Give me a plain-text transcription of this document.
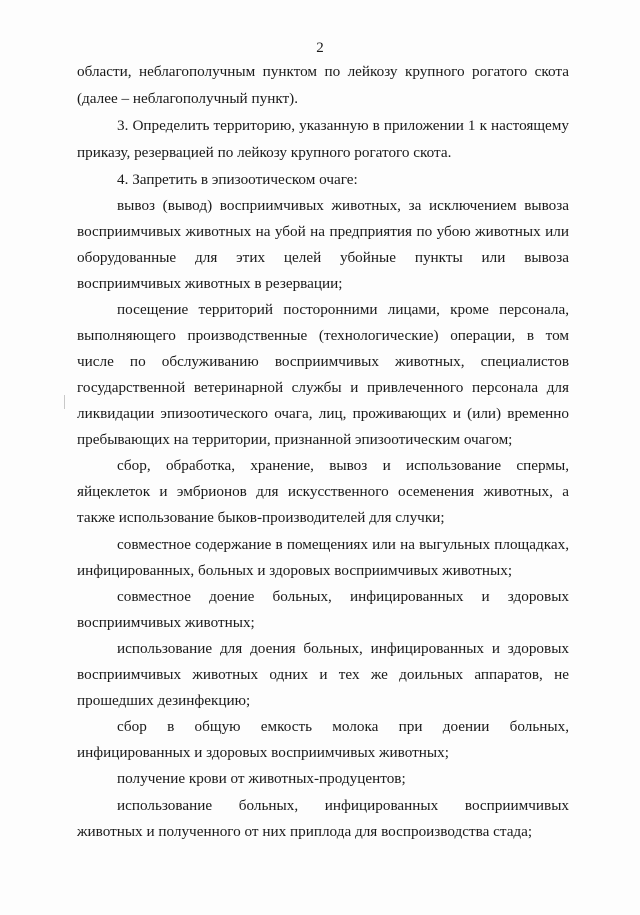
2
области, неблагополучным пунктом по лейкозу крупного рогатого скота
(далее – неблагополучный пункт).
3. Определить территорию, указанную в приложении 1 к настоящему
приказу, резервацией по лейкозу крупного рогатого скота.
4. Запретить в эпизоотическом очаге:
вывоз (вывод) восприимчивых животных, за исключением вывоза
восприимчивых животных на убой на предприятия по убою животных или
оборудованные для этих целей убойные пункты или вывоза
восприимчивых животных в резервации;
посещение территорий посторонними лицами, кроме персонала,
выполняющего производственные (технологические) операции, в том
числе по обслуживанию восприимчивых животных, специалистов
государственной ветеринарной службы и привлеченного персонала для
ликвидации эпизоотического очага, лиц, проживающих и (или) временно
пребывающих на территории, признанной эпизоотическим очагом;
сбор, обработка, хранение, вывоз и использование спермы,
яйцеклеток и эмбрионов для искусственного осеменения животных, а
также использование быков-производителей для случки;
совместное содержание в помещениях или на выгульных площадках,
инфицированных, больных и здоровых восприимчивых животных;
совместное доение больных, инфицированных и здоровых
восприимчивых животных;
использование для доения больных, инфицированных и здоровых
восприимчивых животных одних и тех же доильных аппаратов, не
прошедших дезинфекцию;
сбор в общую емкость молока при доении больных,
инфицированных и здоровых восприимчивых животных;
получение крови от животных-продуцентов;
использование больных, инфицированных восприимчивых
животных и полученного от них приплода для воспроизводства стада;
